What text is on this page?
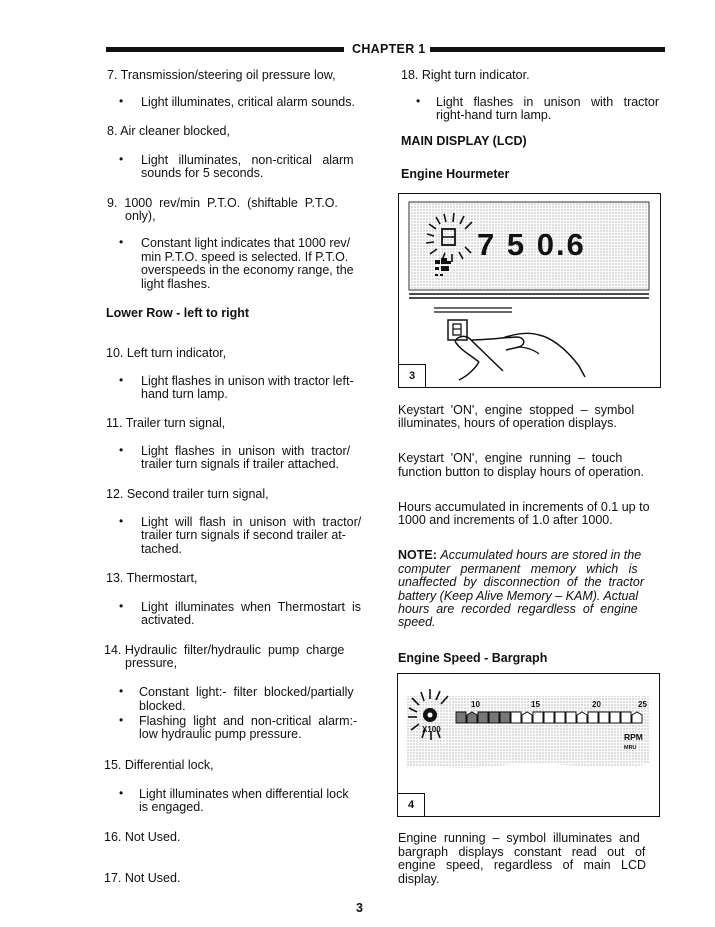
CHAPTER 1
7. Transmission/steering oil pressure low,
• Light illuminates, critical alarm sounds.
8. Air cleaner blocked,
• Light   illuminates,   non-critical   alarm
sounds for 5 seconds.
9.  1000  rev/min  P.T.O.  (shiftable  P.T.O.
only),
• Constant light indicates that 1000 rev/
min P.T.O. speed is selected. If P.T.O.
overspeeds in the economy range, the
light flashes.
Lower Row - left to right
10. Left turn indicator,
• Light flashes in unison with tractor left-
hand turn lamp.
11. Trailer turn signal,
• Light  flashes  in  unison  with  tractor/
trailer turn signals if trailer attached.
12. Second trailer turn signal,
• Light  will  flash  in  unison  with  tractor/
trailer turn signals if second trailer at-
tached.
13. Thermostart,
• Light  illuminates  when  Thermostart  is
activated.
14. Hydraulic  filter/hydraulic  pump  charge
pressure,
• Constant  light:-  filter  blocked/partially
blocked.
• Flashing  light  and  non-critical  alarm:-
low hydraulic pump pressure.
15. Differential lock,
• Light illuminates when differential lock
is engaged.
16. Not Used.
17. Not Used.
18. Right turn indicator.
• Light   flashes   in   unison   with   tractor
right-hand turn lamp.
MAIN DISPLAY (LCD)
Engine Hourmeter
7 5 0.6
3
Keystart  'ON',  engine  stopped  –  symbol
illuminates, hours of operation displays.
Keystart  'ON',  engine  running  –  touch
function button to display hours of operation.
Hours accumulated in increments of 0.1 up to
1000 and increments of 1.0 after 1000.
NOTE: Accumulated hours are stored in the
computer   permanent   memory   which   is
unaffected  by  disconnection  of  the  tractor
battery (Keep Alive Memory – KAM). Actual
hours  are  recorded  regardless  of  engine
speed.
Engine Speed - Bargraph
X100
10	15	20	25
RPM
MRU
4
Engine  running  –  symbol  illuminates  and
bargraph   displays   constant   read   out   of
engine   speed,   regardless   of   main   LCD
display.
3
